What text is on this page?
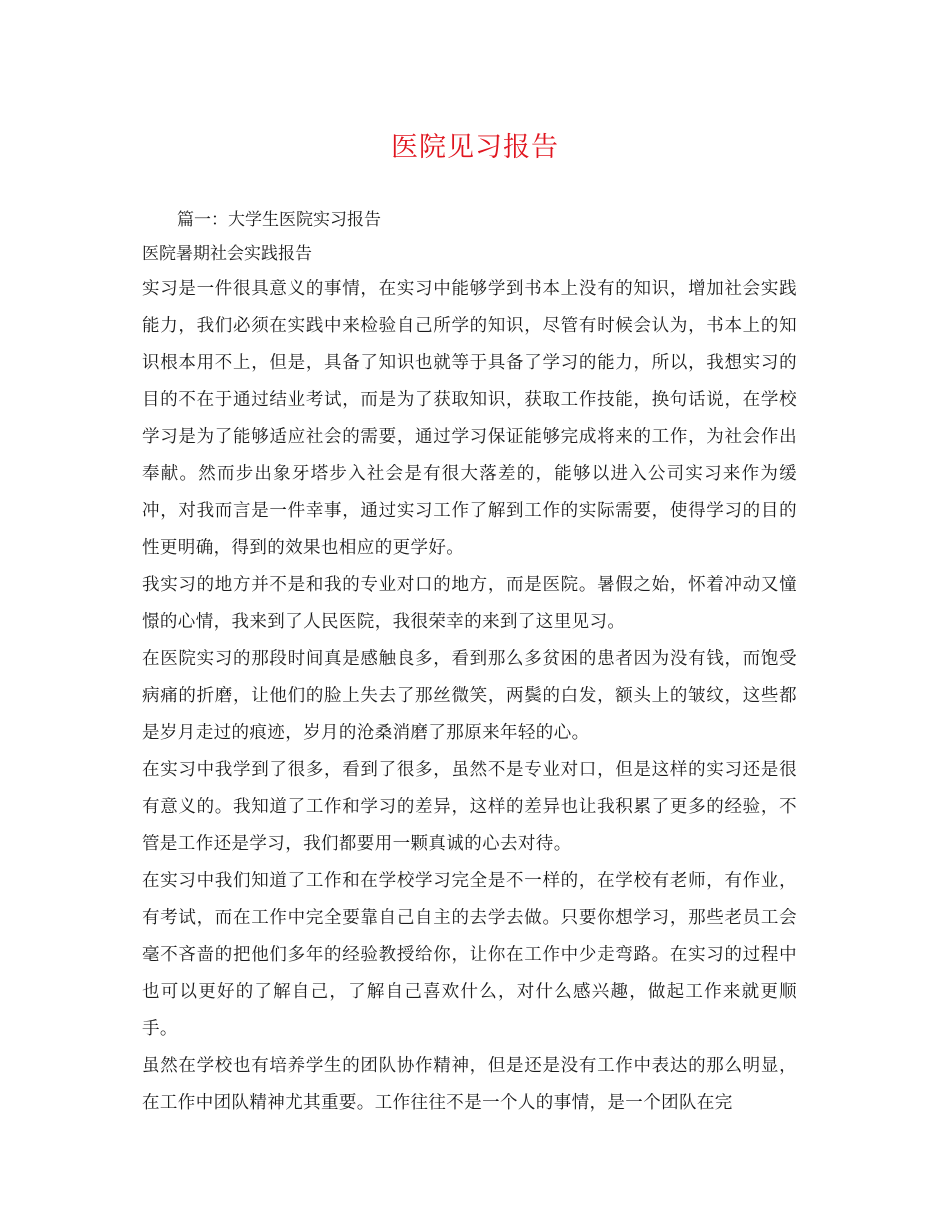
医院见习报告

篇一：大学生医院实习报告

医院暑期社会实践报告

实习是一件很具意义的事情，在实习中能够学到书本上没有的知识，增加社会实践能力，我们必须在实践中来检验自己所学的知识，尽管有时候会认为，书本上的知识根本用不上，但是，具备了知识也就等于具备了学习的能力，所以，我想实习的目的不在于通过结业考试，而是为了获取知识，获取工作技能，换句话说，在学校学习是为了能够适应社会的需要，通过学习保证能够完成将来的工作，为社会作出奉献。然而步出象牙塔步入社会是有很大落差的，能够以进入公司实习来作为缓冲，对我而言是一件幸事，通过实习工作了解到工作的实际需要，使得学习的目的性更明确，得到的效果也相应的更学好。

我实习的地方并不是和我的专业对口的地方，而是医院。暑假之始，怀着冲动又憧憬的心情，我来到了人民医院，我很荣幸的来到了这里见习。

在医院实习的那段时间真是感触良多，看到那么多贫困的患者因为没有钱，而饱受病痛的折磨，让他们的脸上失去了那丝微笑，两鬓的白发，额头上的皱纹，这些都是岁月走过的痕迹，岁月的沧桑消磨了那原来年轻的心。

在实习中我学到了很多，看到了很多，虽然不是专业对口，但是这样的实习还是很有意义的。我知道了工作和学习的差异，这样的差异也让我积累了更多的经验，不管是工作还是学习，我们都要用一颗真诚的心去对待。

在实习中我们知道了工作和在学校学习完全是不一样的，在学校有老师，有作业，有考试，而在工作中完全要靠自己自主的去学去做。只要你想学习，那些老员工会毫不吝啬的把他们多年的经验教授给你，让你在工作中少走弯路。在实习的过程中也可以更好的了解自己，了解自己喜欢什么，对什么感兴趣，做起工作来就更顺手。

虽然在学校也有培养学生的团队协作精神，但是还是没有工作中表达的那么明显，在工作中团队精神尤其重要。工作往往不是一个人的事情，是一个团队在完
